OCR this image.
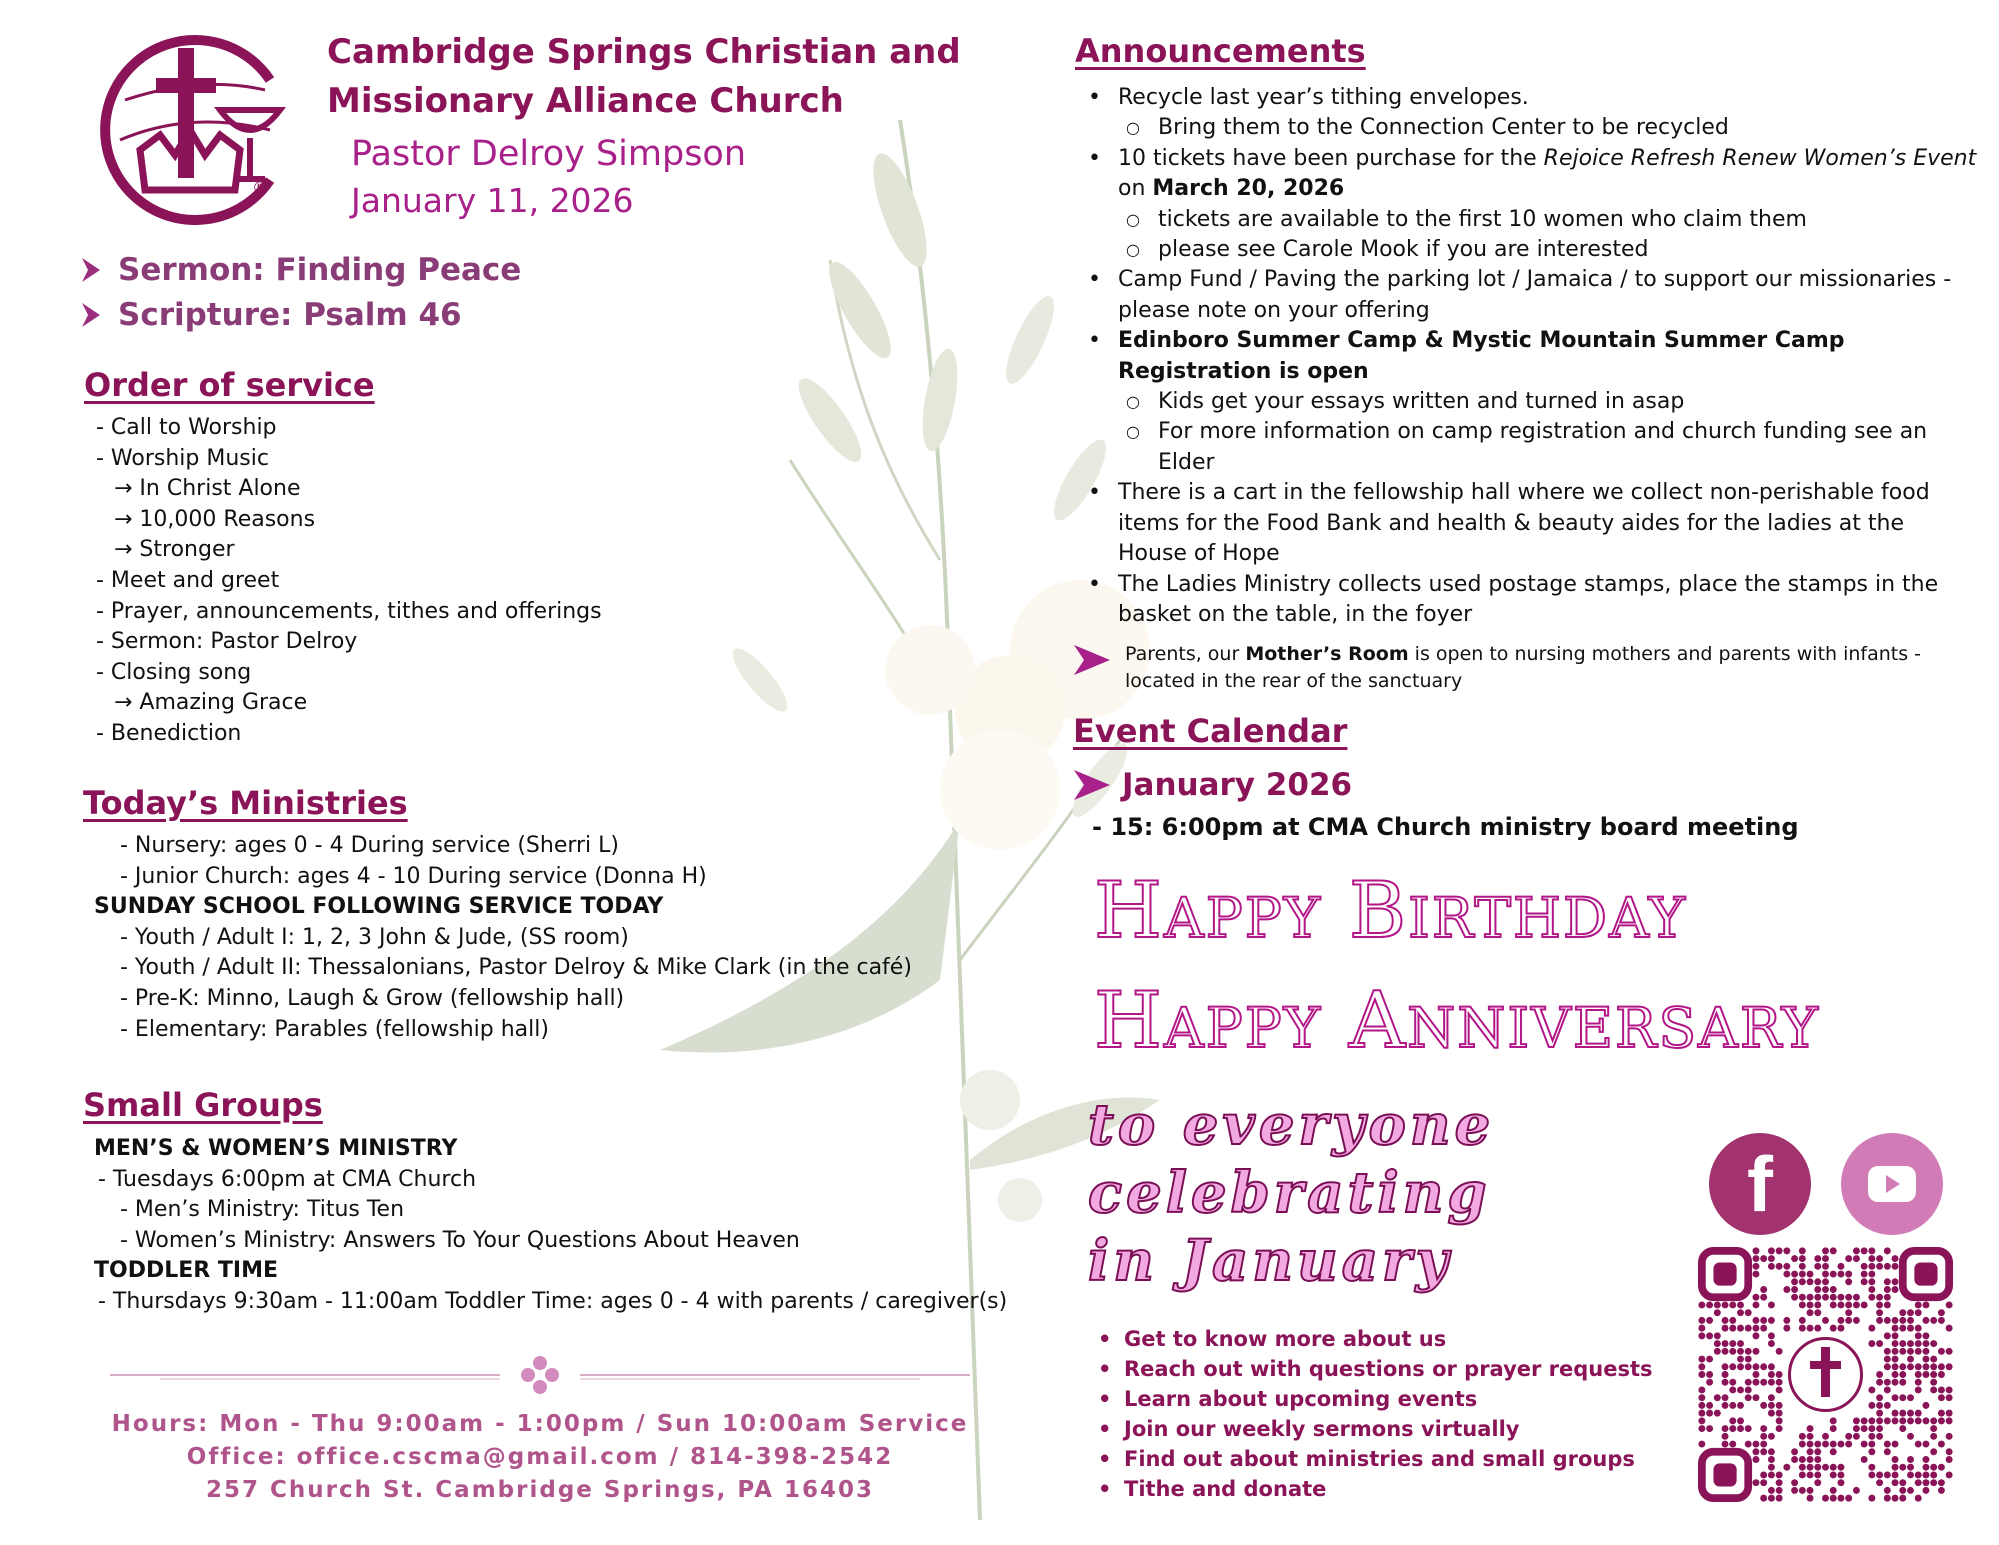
®
Cambridge Springs Christian and
Missionary Alliance Church
Pastor Delroy Simpson
January 11, 2026
Sermon: Finding Peace
Scripture: Psalm 46
Order of service
- Call to Worship
- Worship Music
→ In Christ Alone
→ 10,000 Reasons
→ Stronger
- Meet and greet
- Prayer, announcements, tithes and offerings
- Sermon: Pastor Delroy
- Closing song
→ Amazing Grace
- Benediction
Today’s Ministries
- Nursery: ages 0 - 4 During service (Sherri L)
- Junior Church: ages 4 - 10 During service (Donna H)
SUNDAY SCHOOL FOLLOWING SERVICE TODAY
- Youth / Adult I: 1, 2, 3 John & Jude, (SS room)
- Youth / Adult II: Thessalonians, Pastor Delroy & Mike Clark (in the café)
- Pre-K: Minno, Laugh & Grow (fellowship hall)
- Elementary: Parables (fellowship hall)
Small Groups
MEN’S & WOMEN’S MINISTRY
- Tuesdays 6:00pm at CMA Church
- Men’s Ministry: Titus Ten
- Women’s Ministry: Answers To Your Questions About Heaven
TODDLER TIME
- Thursdays 9:30am - 11:00am Toddler Time: ages 0 - 4 with parents / caregiver(s)
Hours: Mon - Thu 9:00am - 1:00pm / Sun 10:00am Service
Office: office.cscma@gmail.com / 814-398-2542
257 Church St. Cambridge Springs, PA 16403
Announcements
• Recycle last year’s tithing envelopes.
○ Bring them to the Connection Center to be recycled
• 10 tickets have been purchase for the Rejoice Refresh Renew Women’s Event
on March 20, 2026
○ tickets are available to the first 10 women who claim them
○ please see Carole Mook if you are interested
• Camp Fund / Paving the parking lot / Jamaica / to support our missionaries - please note on your offering
• Edinboro Summer Camp & Mystic Mountain Summer Camp Registration is open
○ Kids get your essays written and turned in asap
○ For more information on camp registration and church funding see an Elder
• There is a cart in the fellowship hall where we collect non-perishable food items for the Food Bank and health & beauty aides for the ladies at the House of Hope
• The Ladies Ministry collects used postage stamps, place the stamps in the basket on the table, in the foyer
Parents, our Mother’s Room is open to nursing mothers and parents with infants - located in the rear of the sanctuary
Event Calendar
January 2026
- 15: 6:00pm at CMA Church ministry board meeting
Happy Birthday
Happy Anniversary
to everyone
celebrating
in January
• Get to know more about us
• Reach out with questions or prayer requests
• Learn about upcoming events
• Join our weekly sermons virtually
• Find out about ministries and small groups
• Tithe and donate
f
